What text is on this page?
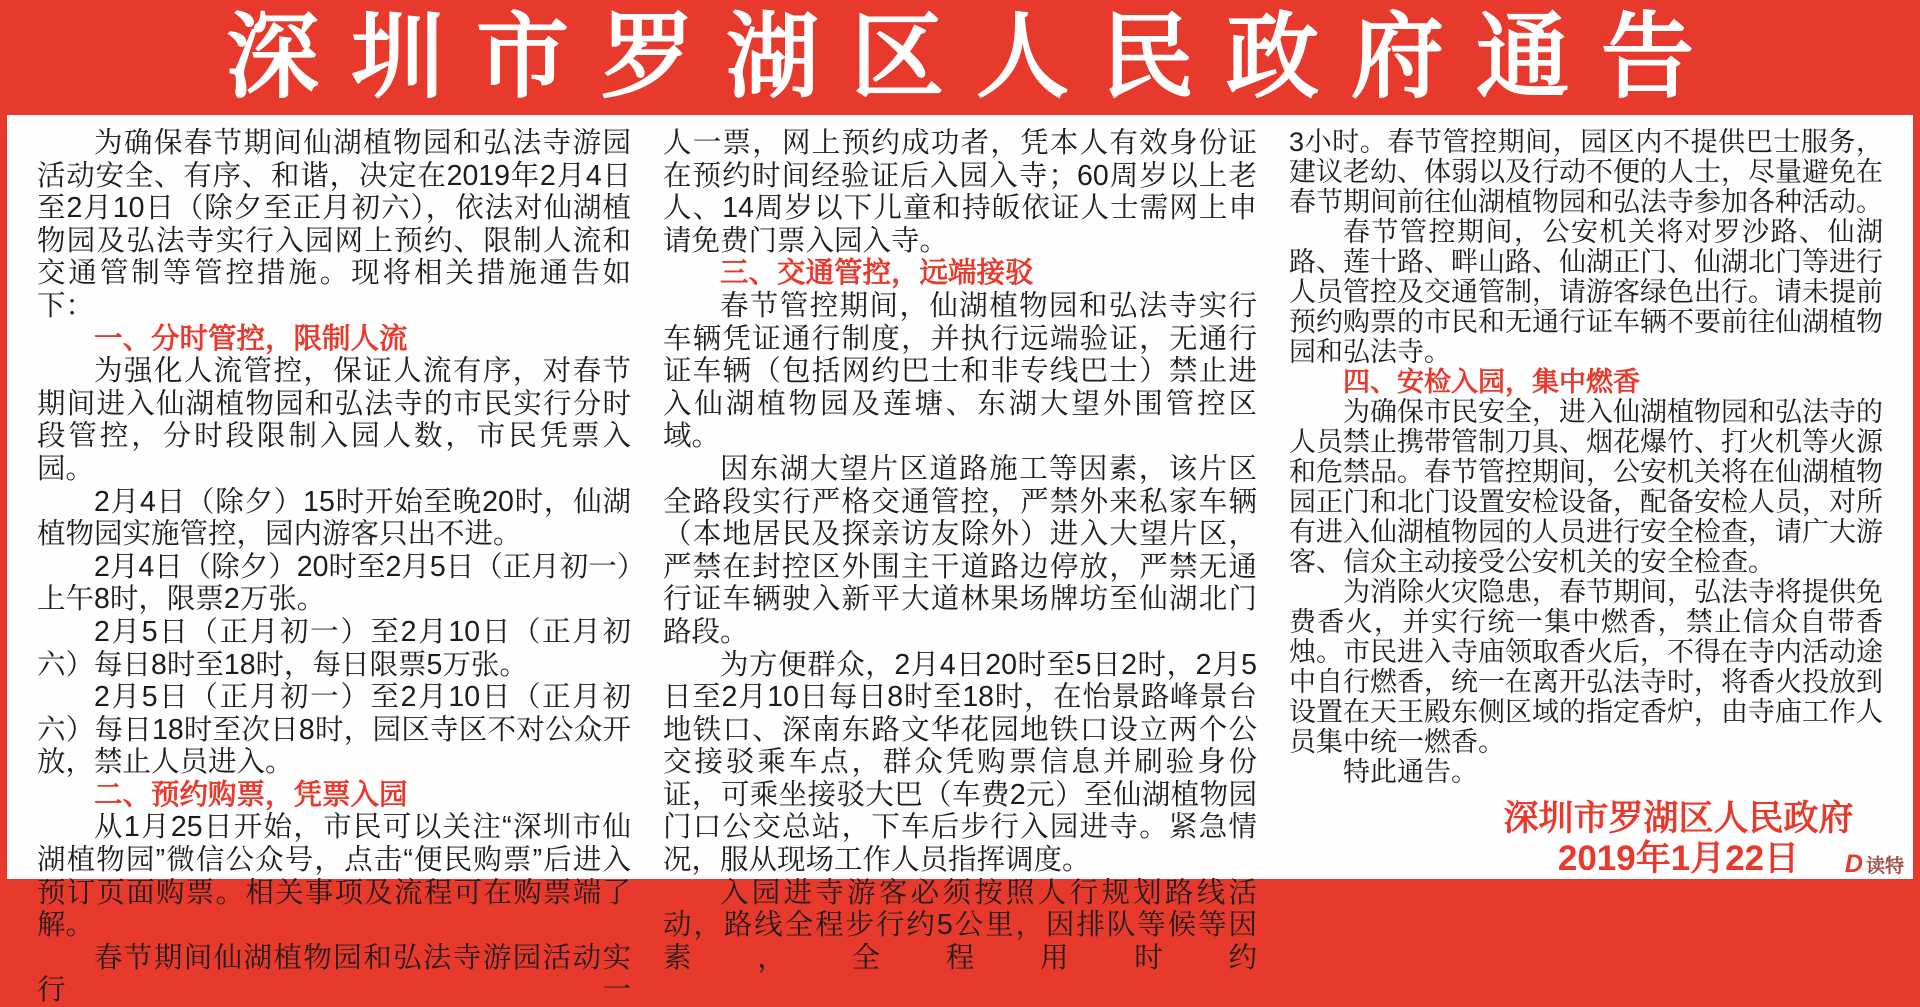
深圳市罗湖区人民政府通告

为确保春节期间仙湖植物园和弘法寺游园活动安全、有序、和谐，决定在2019年2月4日至2月10日（除夕至正月初六），依法对仙湖植物园及弘法寺实行入园网上预约、限制人流和交通管制等管控措施。现将相关措施通告如下：

一、分时管控，限制人流

为强化人流管控，保证人流有序，对春节期间进入仙湖植物园和弘法寺的市民实行分时段管控，分时段限制入园人数，市民凭票入园。

2月4日（除夕）15时开始至晚20时，仙湖植物园实施管控，园内游客只出不进。

2月4日（除夕）20时至2月5日（正月初一）上午8时，限票2万张。

2月5日（正月初一）至2月10日（正月初六）每日8时至18时，每日限票5万张。

2月5日（正月初一）至2月10日（正月初六）每日18时至次日8时，园区寺区不对公众开放，禁止人员进入。

二、预约购票，凭票入园

从1月25日开始，市民可以关注“深圳市仙湖植物园”微信公众号，点击“便民购票”后进入预订页面购票。相关事项及流程可在购票端了解。

春节期间仙湖植物园和弘法寺游园活动实行一

人一票，网上预约成功者，凭本人有效身份证在预约时间经验证后入园入寺；60周岁以上老人、14周岁以下儿童和持皈依证人士需网上申请免费门票入园入寺。

三、交通管控，远端接驳

春节管控期间，仙湖植物园和弘法寺实行车辆凭证通行制度，并执行远端验证，无通行证车辆（包括网约巴士和非专线巴士）禁止进入仙湖植物园及莲塘、东湖大望外围管控区域。

因东湖大望片区道路施工等因素，该片区全路段实行严格交通管控，严禁外来私家车辆（本地居民及探亲访友除外）进入大望片区，严禁在封控区外围主干道路边停放，严禁无通行证车辆驶入新平大道林果场牌坊至仙湖北门路段。

为方便群众，2月4日20时至5日2时，2月5日至2月10日每日8时至18时，在怡景路峰景台地铁口、深南东路文华花园地铁口设立两个公交接驳乘车点，群众凭购票信息并刷验身份证，可乘坐接驳大巴（车费2元）至仙湖植物园门口公交总站，下车后步行入园进寺。紧急情况，服从现场工作人员指挥调度。

入园进寺游客必须按照人行规划路线活动，路线全程步行约5公里，因排队等候等因素，全程用时约

3小时。春节管控期间，园区内不提供巴士服务，建议老幼、体弱以及行动不便的人士，尽量避免在春节期间前往仙湖植物园和弘法寺参加各种活动。

春节管控期间，公安机关将对罗沙路、仙湖路、莲十路、畔山路、仙湖正门、仙湖北门等进行人员管控及交通管制，请游客绿色出行。请未提前预约购票的市民和无通行证车辆不要前往仙湖植物园和弘法寺。

四、安检入园，集中燃香

为确保市民安全，进入仙湖植物园和弘法寺的人员禁止携带管制刀具、烟花爆竹、打火机等火源和危禁品。春节管控期间，公安机关将在仙湖植物园正门和北门设置安检设备，配备安检人员，对所有进入仙湖植物园的人员进行安全检查，请广大游客、信众主动接受公安机关的安全检查。

为消除火灾隐患，春节期间，弘法寺将提供免费香火，并实行统一集中燃香，禁止信众自带香烛。市民进入寺庙领取香火后，不得在寺内活动途中自行燃香，统一在离开弘法寺时，将香火投放到设置在天王殿东侧区域的指定香炉，由寺庙工作人员集中统一燃香。

特此通告。

深圳市罗湖区人民政府

2019年1月22日	D 读特
